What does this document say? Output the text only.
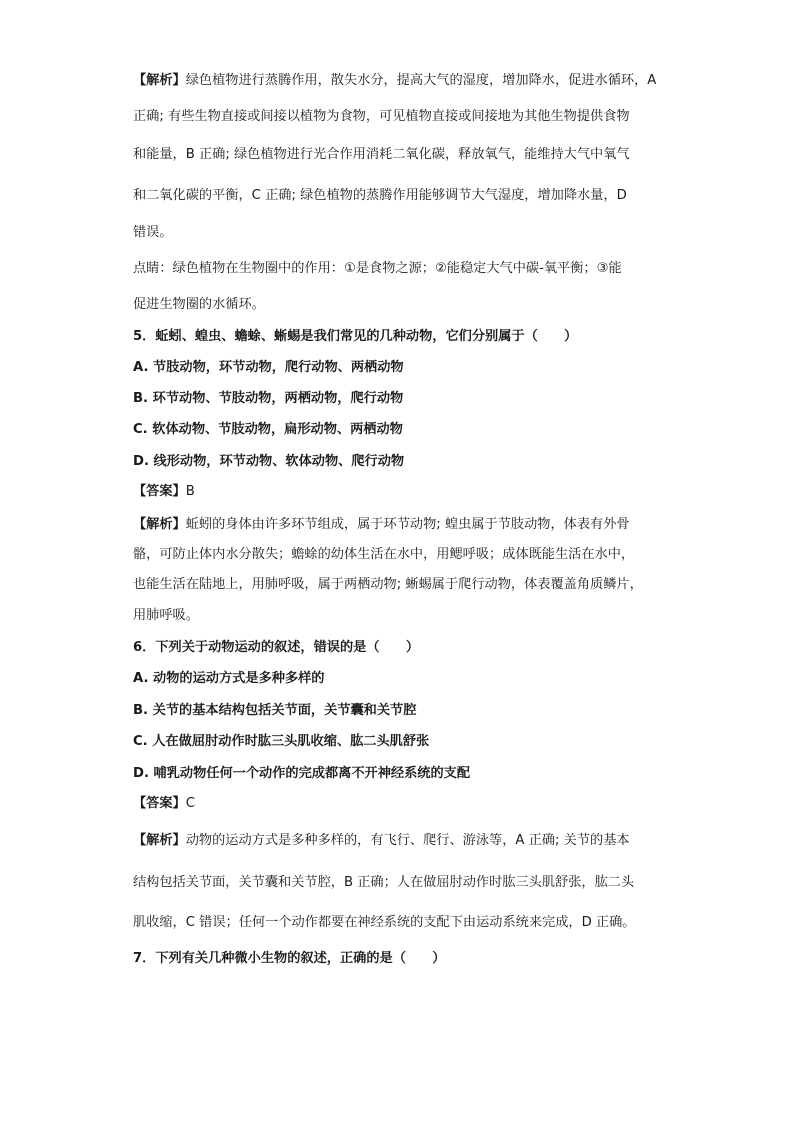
【解析】绿色植物进行蒸腾作用，散失水分，提高大气的湿度，增加降水，促进水循环，A
正确; 有些生物直接或间接以植物为食物，可见植物直接或间接地为其他生物提供食物
和能量，B 正确; 绿色植物进行光合作用消耗二氧化碳，释放氧气，能维持大气中氧气
和二氧化碳的平衡，C 正确; 绿色植物的蒸腾作用能够调节大气湿度，增加降水量，D
错误。
点睛：绿色植物在生物圈中的作用：①是食物之源；②能稳定大气中碳-氧平衡；③能
促进生物圈的水循环。
5．蚯蚓、蝗虫、蟾蜍、蜥蜴是我们常见的几种动物，它们分别属于（　　）
A. 节肢动物，环节动物，爬行动物、两栖动物
B. 环节动物、节肢动物，两栖动物，爬行动物
C. 软体动物、节肢动物，扁形动物、两栖动物
D. 线形动物，环节动物、软体动物、爬行动物
【答案】B
【解析】蚯蚓的身体由许多环节组成，属于环节动物; 蝗虫属于节肢动物，体表有外骨
骼，可防止体内水分散失；蟾蜍的幼体生活在水中，用鳃呼吸；成体既能生活在水中，
也能生活在陆地上，用肺呼吸，属于两栖动物; 蜥蜴属于爬行动物，体表覆盖角质鳞片，
用肺呼吸。
6．下列关于动物运动的叙述，错误的是（　　）
A. 动物的运动方式是多种多样的
B. 关节的基本结构包括关节面，关节囊和关节腔
C. 人在做屈肘动作时肱三头肌收缩、肱二头肌舒张
D. 哺乳动物任何一个动作的完成都离不开神经系统的支配
【答案】C
【解析】动物的运动方式是多种多样的，有飞行、爬行、游泳等，A 正确; 关节的基本
结构包括关节面，关节囊和关节腔，B 正确；人在做屈肘动作时肱三头肌舒张，肱二头
肌收缩，C 错误；任何一个动作都要在神经系统的支配下由运动系统来完成，D 正确。
7．下列有关几种微小生物的叙述，正确的是（　　）
